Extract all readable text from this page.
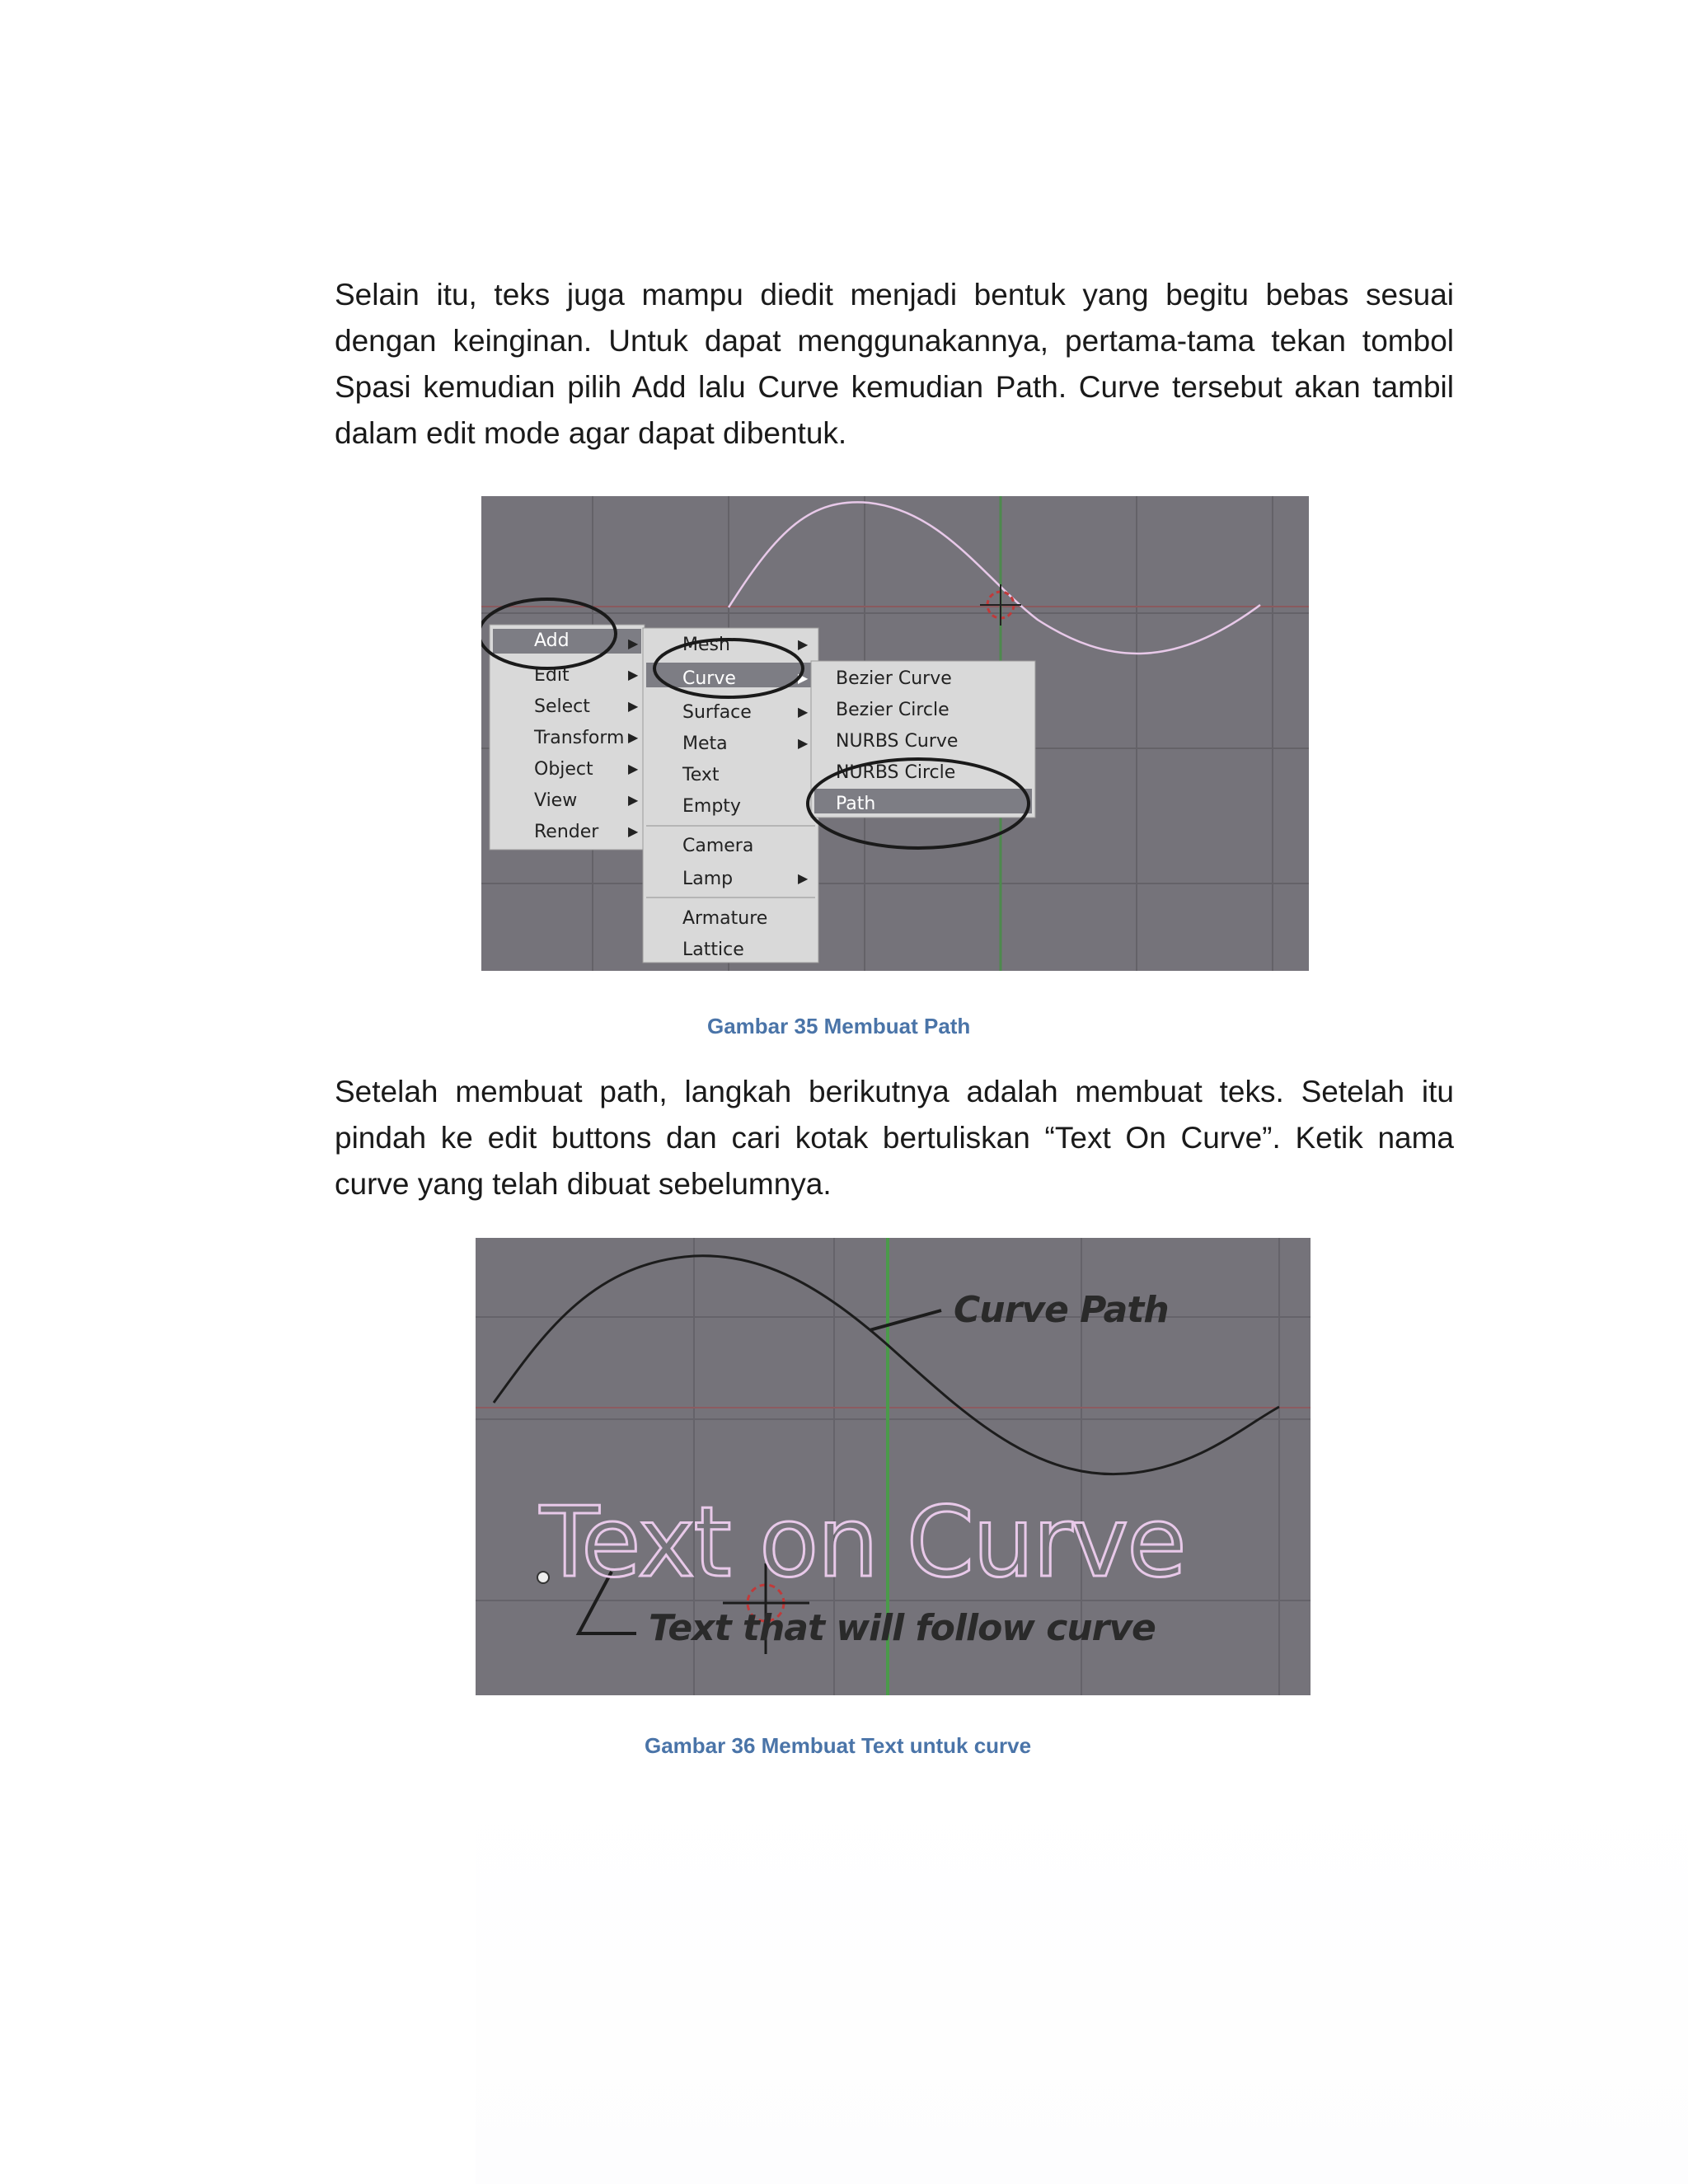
Selain itu, teks juga mampu diedit menjadi bentuk yang begitu bebas sesuai dengan keinginan. Untuk dapat menggunakannya, pertama-tama tekan tombol Spasi kemudian pilih Add lalu Curve kemudian Path. Curve tersebut akan tambil dalam edit mode agar dapat dibentuk.

Add
Edit
Select
Transform
Object
View
Render
▶
▶
▶
▶
▶
▶
▶
Mesh
Curve
Surface
Meta
Text
Empty
Camera
Lamp
Armature
Lattice
▶
▶
▶
▶
▶
Bezier Curve
Bezier Circle
NURBS Curve
NURBS Circle
Path

Gambar 35 Membuat Path

Setelah membuat path, langkah berikutnya adalah membuat teks. Setelah itu pindah ke edit buttons dan cari kotak bertuliskan “Text On Curve”. Ketik nama curve yang telah dibuat sebelumnya.

Curve Path
Text on Curve
Text that will follow curve

Gambar 36 Membuat Text untuk curve
